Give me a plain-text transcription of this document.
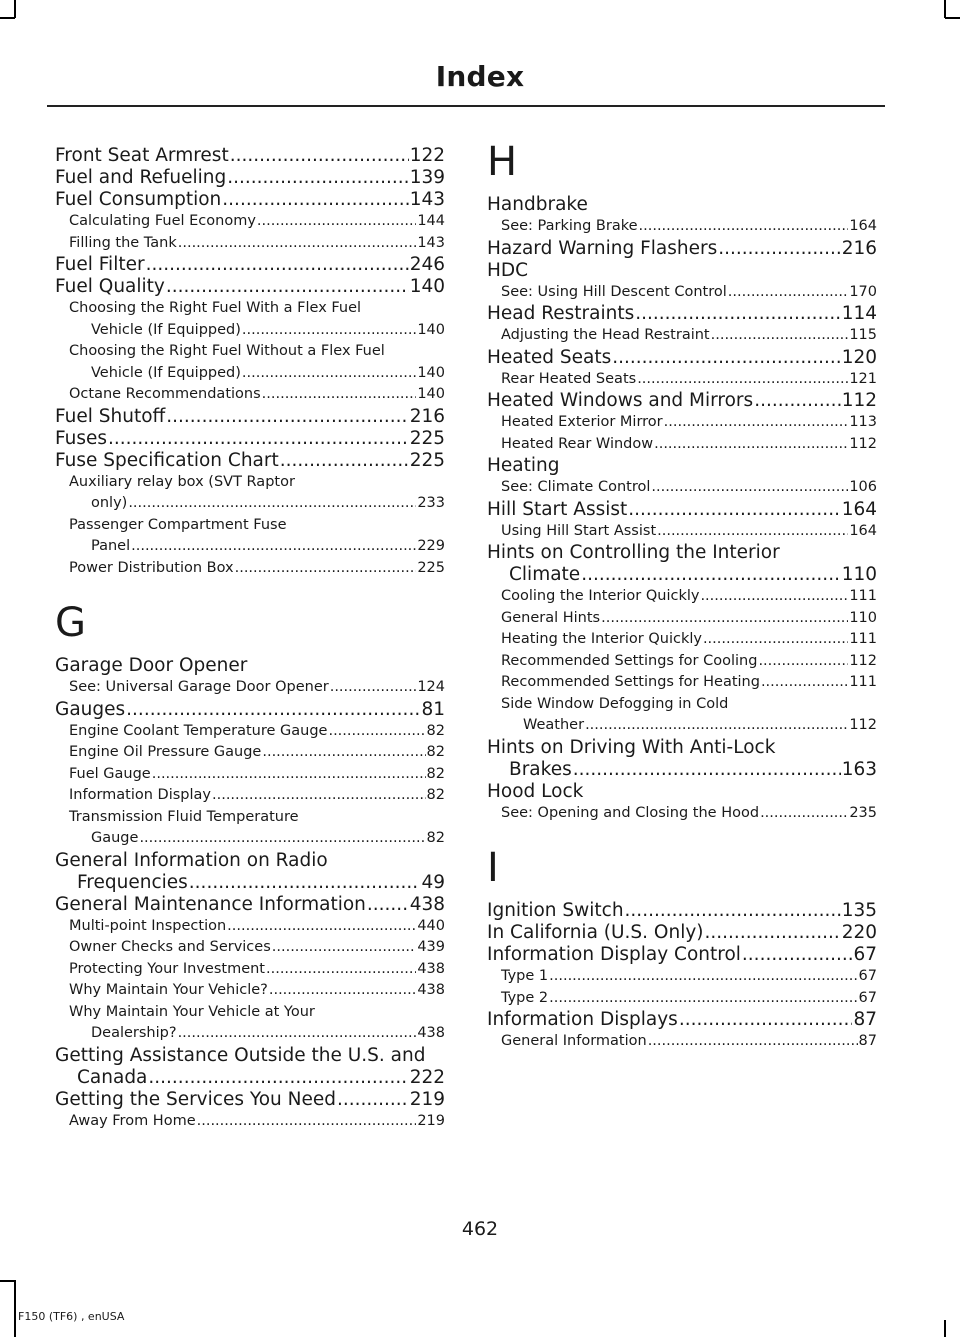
Index
Front Seat Armrest .....	122
Fuel and Refueling .....	139
Fuel Consumption .....	143
Calculating Fuel Economy .....	144
Filling the Tank .....	143
Fuel Filter .....	246
Fuel Quality .....	140
Choosing the Right Fuel With a Flex Fuel
Vehicle (If Equipped) .....	140
Choosing the Right Fuel Without a Flex Fuel
Vehicle (If Equipped) .....	140
Octane Recommendations .....	140
Fuel Shutoff .....	216
Fuses .....	225
Fuse Specification Chart .....	225
Auxiliary relay box (SVT Raptor
only) .....	233
Passenger Compartment Fuse
Panel .....	229
Power Distribution Box .....	225
G
Garage Door Opener
See: Universal Garage Door Opener .....	124
Gauges .....	81
Engine Coolant Temperature Gauge .....	82
Engine Oil Pressure Gauge .....	82
Fuel Gauge .....	82
Information Display .....	82
Transmission Fluid Temperature
Gauge .....	82
General Information on Radio
Frequencies .....	49
General Maintenance Information ..... 438
Multi-point Inspection .....	440
Owner Checks and Services .....	439
Protecting Your Investment .....	438
Why Maintain Your Vehicle? .....	438
Why Maintain Your Vehicle at Your
Dealership? .....	438
Getting Assistance Outside the U.S. and
Canada .....	222
Getting the Services You Need .....	219
Away From Home .....	219
H
Handbrake
See: Parking Brake .....	164
Hazard Warning Flashers .....	216
HDC
See: Using Hill Descent Control .....	170
Head Restraints .....	114
Adjusting the Head Restraint .....	115
Heated Seats .....	120
Rear Heated Seats .....	121
Heated Windows and Mirrors .....	112
Heated Exterior Mirror .....	113
Heated Rear Window .....	112
Heating
See: Climate Control .....	106
Hill Start Assist .....	164
Using Hill Start Assist .....	164
Hints on Controlling the Interior
Climate .....	110
Cooling the Interior Quickly .....	111
General Hints .....	110
Heating the Interior Quickly .....	111
Recommended Settings for Cooling .....	112
Recommended Settings for Heating .....	111
Side Window Defogging in Cold
Weather .....	112
Hints on Driving With Anti-Lock
Brakes .....	163
Hood Lock
See: Opening and Closing the Hood .....	235
I
Ignition Switch .....	135
In California (U.S. Only) .....	220
Information Display Control .....	67
Type 1 .....	67
Type 2 .....	67
Information Displays .....	87
General Information .....	87
462
F150 (TF6) , enUSA
